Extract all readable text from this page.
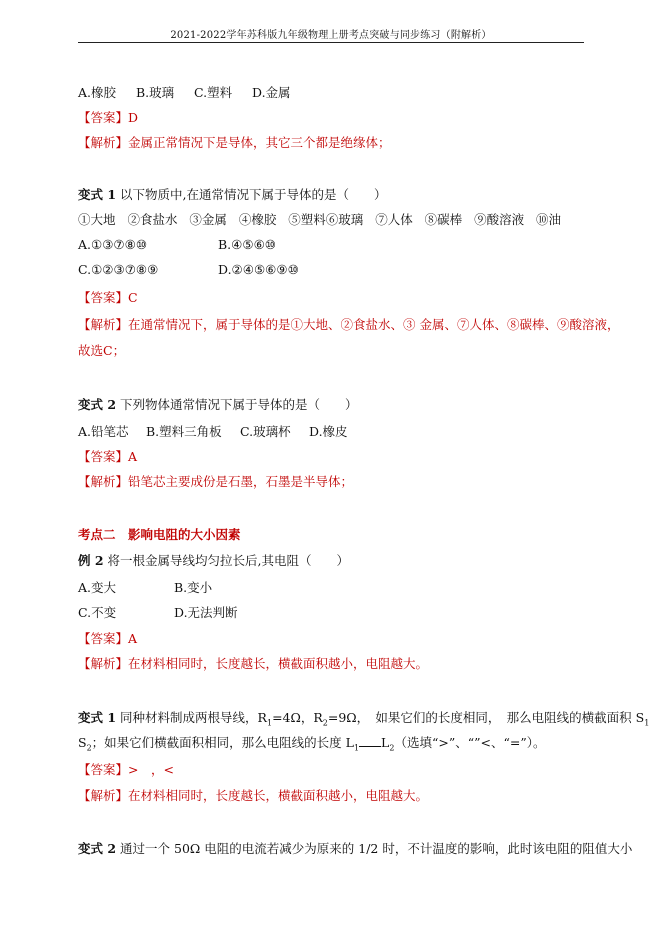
2021-2022学年苏科版九年级物理上册考点突破与同步练习（附解析）
A.橡胶 B.玻璃 C.塑料 D.金属
【答案】D
【解析】金属正常情况下是导体，其它三个都是绝缘体；
变式 1 以下物质中,在通常情况下属于导体的是（　　）
①大地 ②食盐水 ③金属 ④橡胶 ⑤塑料⑥玻璃 ⑦人体 ⑧碳棒 ⑨酸溶液 ⑩油
A.①③⑦⑧⑩	B.④⑤⑥⑩
C.①②③⑦⑧⑨	D.②④⑤⑥⑨⑩
【答案】C
【解析】在通常情况下，属于导体的是①大地、②食盐水、③ 金属、⑦人体、⑧碳棒、⑨酸溶液，
故选C；
变式 2 下列物体通常情况下属于导体的是（　　）
A.铅笔芯 B.塑料三角板 C.玻璃杯 D.橡皮
【答案】A
【解析】铅笔芯主要成份是石墨，石墨是半导体；
考点二　影响电阻的大小因素
例 2 将一根金属导线均匀拉长后,其电阻（　　）
A.变大	B.变小
C.不变	D.无法判断
【答案】A
【解析】在材料相同时，长度越长，横截面积越小，电阻越大。
变式 1 同种材料制成两根导线，$R_1=4\Omega$，$R_2=9\Omega$，　如果它们的长度相同，　那么电阻线的横截面积 $S_1$
$S_2$；如果它们横截面积相同，那么电阻线的长度 $L_1$ $L_2$（选填“>”、“”<、“=”）。
【答案】>　，<
【解析】在材料相同时，长度越长，横截面积越小，电阻越大。
变式 2 通过一个 50Ω 电阻的电流若减少为原来的 1/2 时，不计温度的影响，此时该电阻的阻值大小
